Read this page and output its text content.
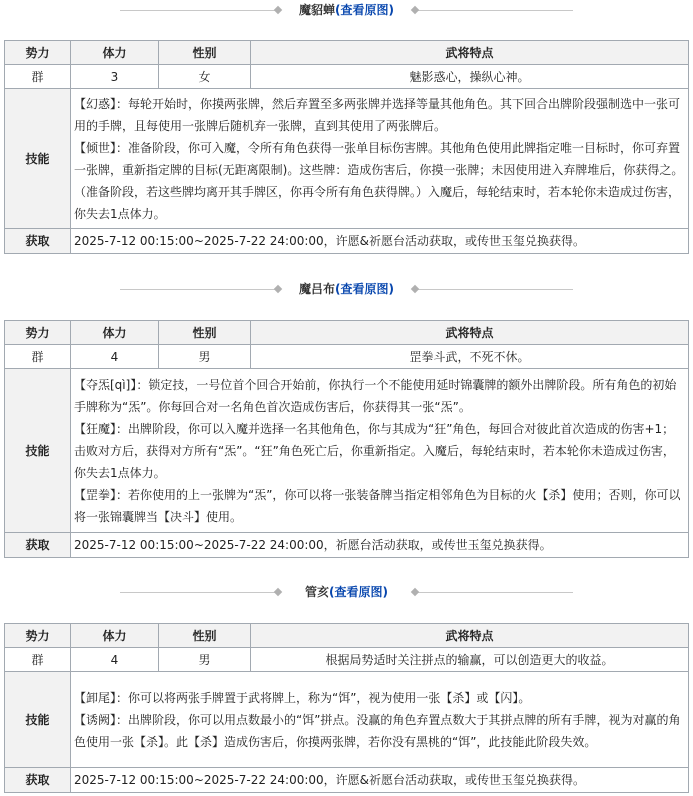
魔貂蝉(查看原图)
势力	体力	性别	武将特点
群	3	女	魅影惑心，操纵心神。
技能	【幻惑】：每轮开始时，你摸两张牌，然后弃置至多两张牌并选择等量其他角色。其下回合出牌阶段强制选中一张可用的手牌，且每使用一张牌后随机弃一张牌，直到其使用了两张牌后。

【倾世】：准备阶段，你可入魔，令所有角色获得一张单目标伤害牌。其他角色使用此牌指定唯一目标时，你可弃置一张牌，重新指定牌的目标(无距离限制)。这些牌：造成伤害后，你摸一张牌；未因使用进入弃牌堆后，你获得之。（准备阶段，若这些牌均离开其手牌区，你再令所有角色获得牌。）入魔后，每轮结束时，若本轮你未造成过伤害，你失去1点体力。		

获取	2025-7-12 00:15:00~2025-7-22 24:00:00，许愿&祈愿台活动获取，或传世玉玺兑换获得。		
魔吕布(查看原图)
势力	体力	性别	武将特点
群	4	男	罡拳斗武，不死不休。
技能	【夺炁[qì]】：锁定技，一号位首个回合开始前，你执行一个不能使用延时锦囊牌的额外出牌阶段。所有角色的初始手牌称为“炁”。你每回合对一名角色首次造成伤害后，你获得其一张“炁”。

【狂魔】：出牌阶段，你可以入魔并选择一名其他角色，你与其成为“狂”角色，每回合对彼此首次造成的伤害+1；击败对方后，获得对方所有“炁”。“狂”角色死亡后，你重新指定。入魔后，每轮结束时，若本轮你未造成过伤害，你失去1点体力。

【罡拳】：若你使用的上一张牌为“炁”，你可以将一张装备牌当指定相邻角色为目标的火【杀】使用；否则，你可以将一张锦囊牌当【决斗】使用。		

获取	2025-7-12 00:15:00~2025-7-22 24:00:00，祈愿台活动获取，或传世玉玺兑换获得。		
管亥(查看原图)
势力	体力	性别	武将特点
群	4	男	根据局势适时关注拼点的输赢，可以创造更大的收益。
技能	【卸尾】：你可以将两张手牌置于武将牌上，称为“饵”，视为使用一张【杀】或【闪】。

【诱阙】：出牌阶段，你可以用点数最小的“饵”拼点。没赢的角色弃置点数大于其拼点牌的所有手牌，视为对赢的角色使用一张【杀】。此【杀】造成伤害后，你摸两张牌，若你没有黑桃的“饵”，此技能此阶段失效。		

获取	2025-7-12 00:15:00~2025-7-22 24:00:00，许愿&祈愿台活动获取，或传世玉玺兑换获得。		
